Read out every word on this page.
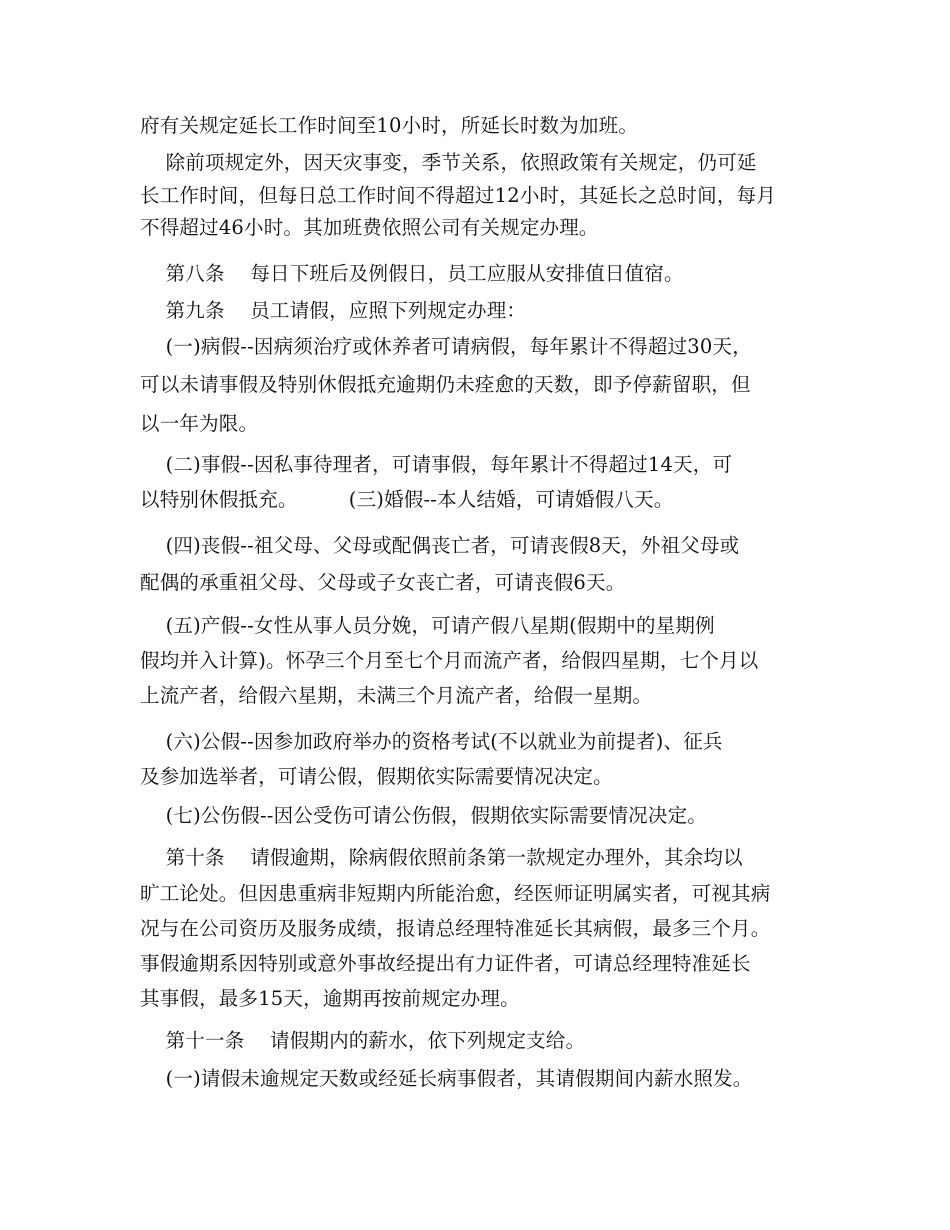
府有关规定延长工作时间至10小时，所延长时数为加班。
除前项规定外，因天灾事变，季节关系，依照政策有关规定，仍可延
长工作时间，但每日总工作时间不得超过12小时，其延长之总时间，每月
不得超过46小时。其加班费依照公司有关规定办理。
第八条    每日下班后及例假日，员工应服从安排值日值宿。
第九条    员工请假，应照下列规定办理：
(一)病假--因病须治疗或休养者可请病假，每年累计不得超过30天，
可以未请事假及特别休假抵充逾期仍未痊愈的天数，即予停薪留职，但
以一年为限。
(二)事假--因私事待理者，可请事假，每年累计不得超过14天，可
以特别休假抵充。        (三)婚假--本人结婚，可请婚假八天。
(四)丧假--祖父母、父母或配偶丧亡者，可请丧假8天，外祖父母或
配偶的承重祖父母、父母或子女丧亡者，可请丧假6天。
(五)产假--女性从事人员分娩，可请产假八星期(假期中的星期例
假均并入计算)。怀孕三个月至七个月而流产者，给假四星期，七个月以
上流产者，给假六星期，未满三个月流产者，给假一星期。
(六)公假--因参加政府举办的资格考试(不以就业为前提者)、征兵
及参加选举者，可请公假，假期依实际需要情况决定。
(七)公伤假--因公受伤可请公伤假，假期依实际需要情况决定。
第十条    请假逾期，除病假依照前条第一款规定办理外，其余均以
旷工论处。但因患重病非短期内所能治愈，经医师证明属实者，可视其病
况与在公司资历及服务成绩，报请总经理特准延长其病假，最多三个月。
事假逾期系因特别或意外事故经提出有力证件者，可请总经理特准延长
其事假，最多15天，逾期再按前规定办理。
第十一条    请假期内的薪水，依下列规定支给。
(一)请假未逾规定天数或经延长病事假者，其请假期间内薪水照发。
